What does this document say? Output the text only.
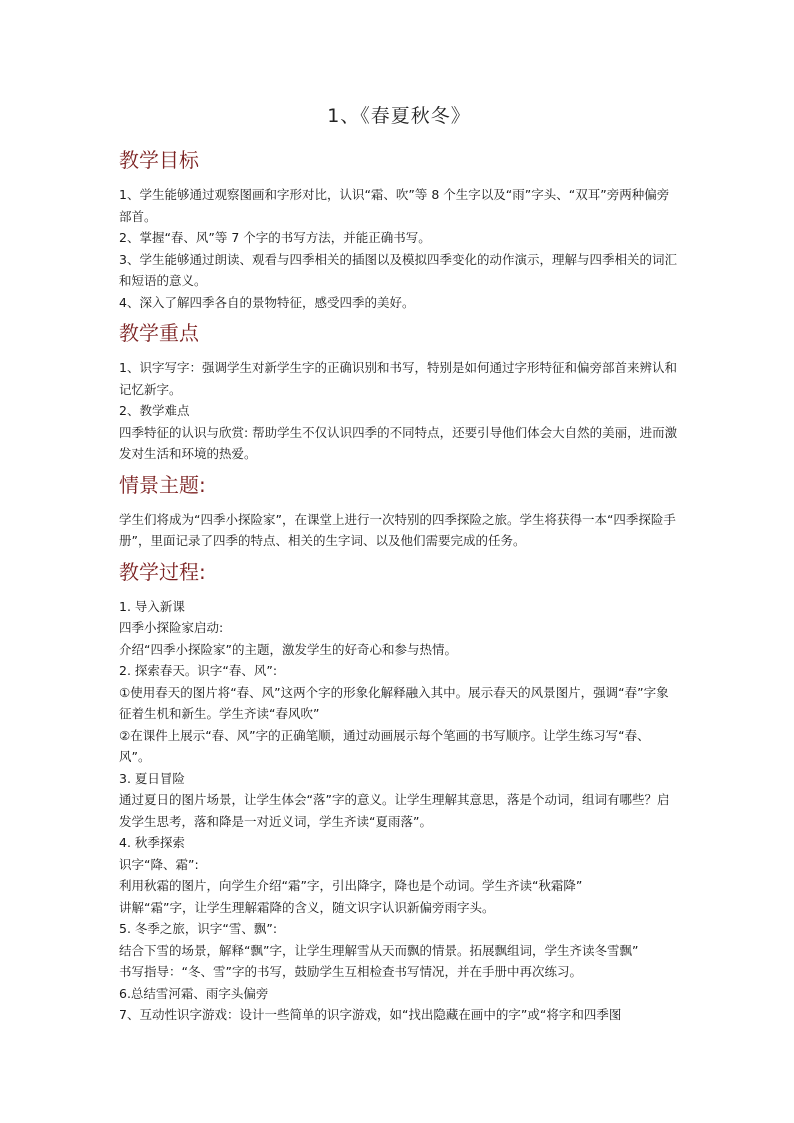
1、《春夏秋冬》
教学目标

1、学生能够通过观察图画和字形对比，认识“霜、吹”等 8 个生字以及“雨”字头、“双耳”旁两种偏旁部首。

2、掌握“春、风”等 7 个字的书写方法，并能正确书写。

3、学生能够通过朗读、观看与四季相关的插图以及模拟四季变化的动作演示，理解与四季相关的词汇和短语的意义。

4、深入了解四季各自的景物特征，感受四季的美好。

教学重点

1、识字写字：强调学生对新学生字的正确识别和书写，特别是如何通过字形特征和偏旁部首来辨认和记忆新字。

2、教学难点

四季特征的认识与欣赏: 帮助学生不仅认识四季的不同特点，还要引导他们体会大自然的美丽，进而激发对生活和环境的热爱。

情景主题:

学生们将成为“四季小探险家”，在课堂上进行一次特别的四季探险之旅。学生将获得一本“四季探险手册”，里面记录了四季的特点、相关的生字词、以及他们需要完成的任务。

教学过程:

1. 导入新课

四季小探险家启动:

介绍“四季小探险家”的主题，激发学生的好奇心和参与热情。

2. 探索春天。识字“春、风”:

①使用春天的图片将“春、风”这两个字的形象化解释融入其中。展示春天的风景图片，强调“春”字象征着生机和新生。学生齐读“春风吹”

②在课件上展示“春、风”字的正确笔顺，通过动画展示每个笔画的书写顺序。让学生练习写“春、风”。

3. 夏日冒险

通过夏日的图片场景，让学生体会“落”字的意义。让学生理解其意思，落是个动词，组词有哪些？启发学生思考，落和降是一对近义词，学生齐读“夏雨落”。

4. 秋季探索

识字“降、霜”:

利用秋霜的图片，向学生介绍“霜”字，引出降字，降也是个动词。学生齐读“秋霜降”

讲解“霜”字，让学生理解霜降的含义，随文识字认识新偏旁雨字头。

5. 冬季之旅，识字“雪、飘”:

结合下雪的场景，解释“飘”字，让学生理解雪从天而飘的情景。拓展飘组词，学生齐读冬雪飘”

书写指导：“冬、雪”字的书写，鼓励学生互相检查书写情况，并在手册中再次练习。

6.总结雪河霜、雨字头偏旁

7、互动性识字游戏：设计一些简单的识字游戏，如“找出隐藏在画中的字”或“将字和四季图
